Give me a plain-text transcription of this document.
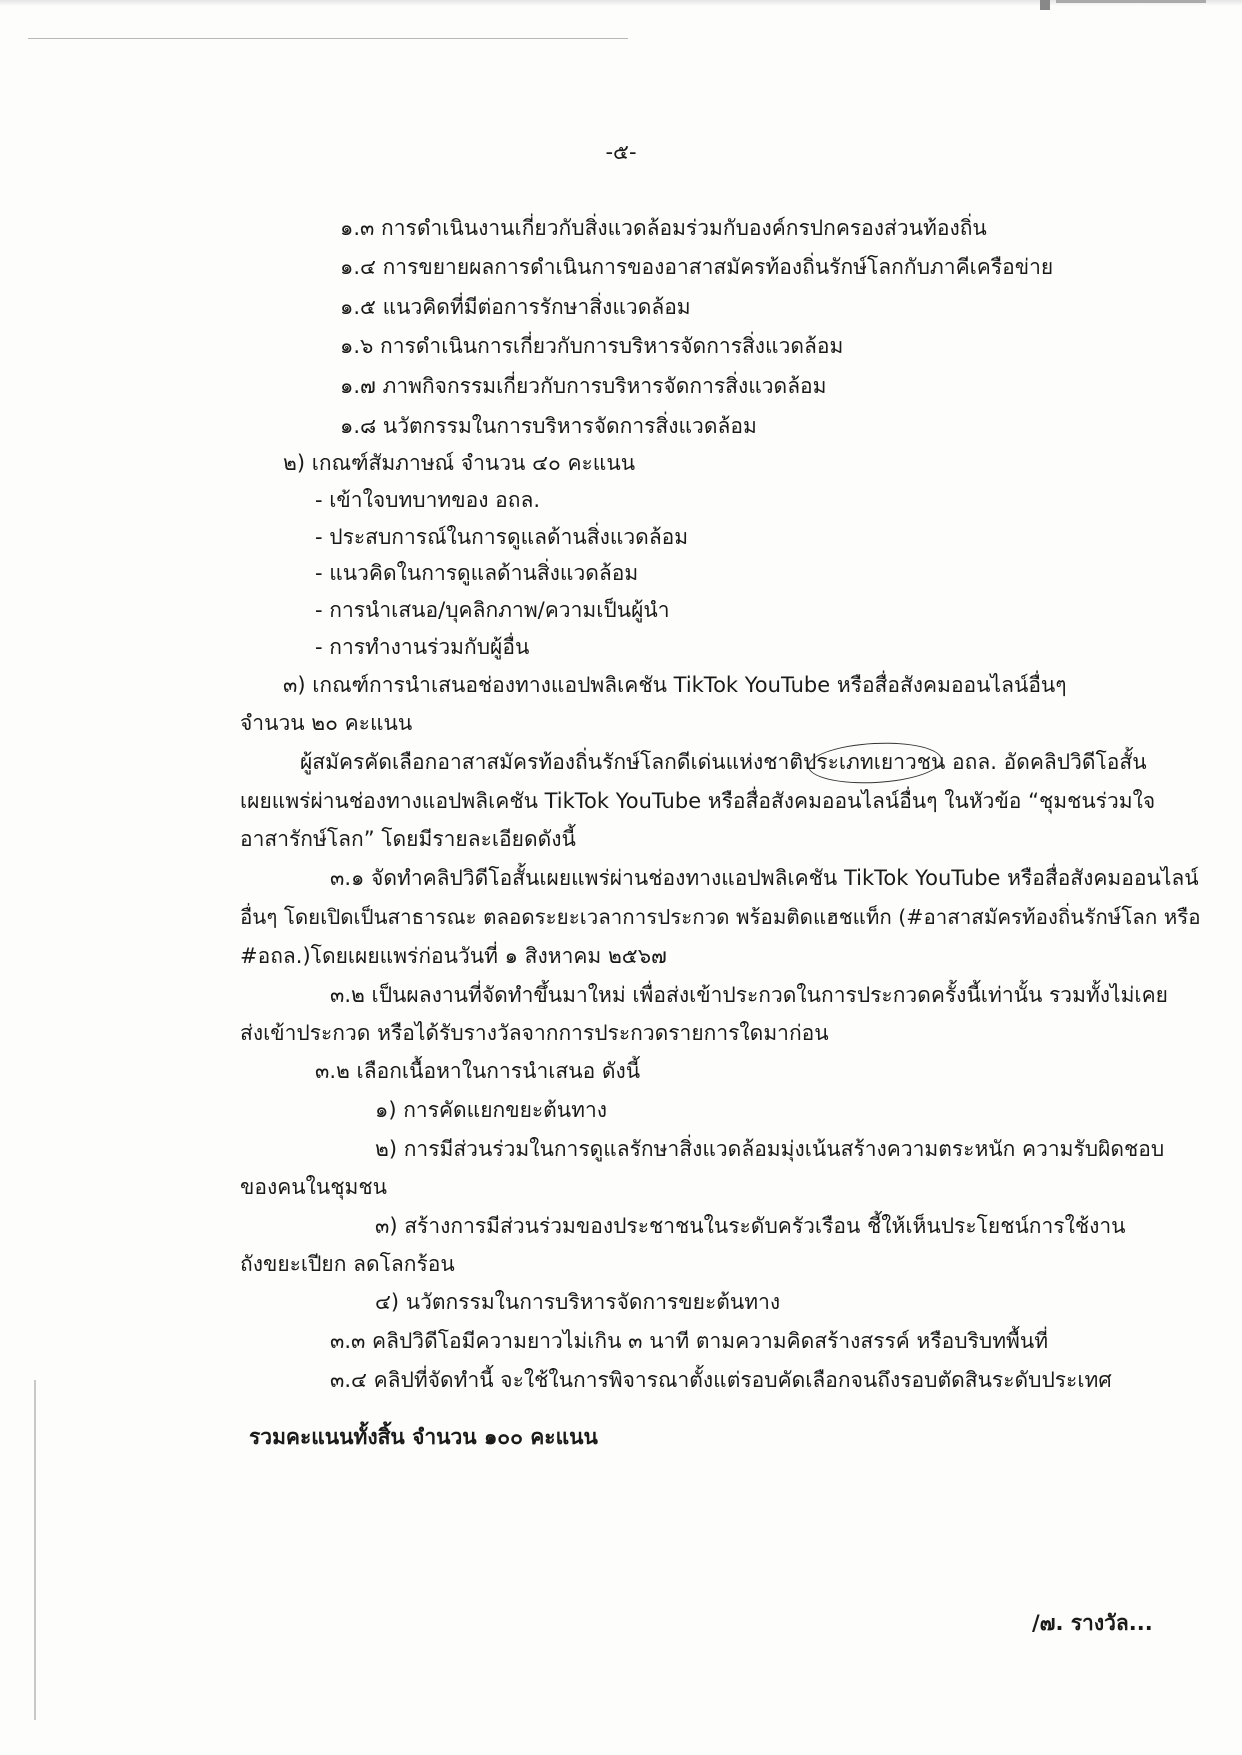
-๕-
๑.๓ การดำเนินงานเกี่ยวกับสิ่งแวดล้อมร่วมกับองค์กรปกครองส่วนท้องถิ่น
๑.๔ การขยายผลการดำเนินการของอาสาสมัครท้องถิ่นรักษ์โลกกับภาคีเครือข่าย
๑.๕ แนวคิดที่มีต่อการรักษาสิ่งแวดล้อม
๑.๖ การดำเนินการเกี่ยวกับการบริหารจัดการสิ่งแวดล้อม
๑.๗ ภาพกิจกรรมเกี่ยวกับการบริหารจัดการสิ่งแวดล้อม
๑.๘ นวัตกรรมในการบริหารจัดการสิ่งแวดล้อม
๒) เกณฑ์สัมภาษณ์ จำนวน ๔๐ คะแนน
- เข้าใจบทบาทของ อถล.
- ประสบการณ์ในการดูแลด้านสิ่งแวดล้อม
- แนวคิดในการดูแลด้านสิ่งแวดล้อม
- การนำเสนอ/บุคลิกภาพ/ความเป็นผู้นำ
- การทำงานร่วมกับผู้อื่น
๓) เกณฑ์การนำเสนอช่องทางแอปพลิเคชัน TikTok YouTube หรือสื่อสังคมออนไลน์อื่นๆ
จำนวน ๒๐ คะแนน
ผู้สมัครคัดเลือกอาสาสมัครท้องถิ่นรักษ์โลกดีเด่นแห่งชาติประเภทเยาวชน อถล. อัดคลิปวิดีโอสั้น
เผยแพร่ผ่านช่องทางแอปพลิเคชัน TikTok YouTube หรือสื่อสังคมออนไลน์อื่นๆ ในหัวข้อ “ชุมชนร่วมใจ
อาสารักษ์โลก” โดยมีรายละเอียดดังนี้
๓.๑ จัดทำคลิปวิดีโอสั้นเผยแพร่ผ่านช่องทางแอปพลิเคชัน TikTok YouTube หรือสื่อสังคมออนไลน์
อื่นๆ โดยเปิดเป็นสาธารณะ ตลอดระยะเวลาการประกวด พร้อมติดแฮชแท็ก (#อาสาสมัครท้องถิ่นรักษ์โลก หรือ
#อถล.)โดยเผยแพร่ก่อนวันที่ ๑ สิงหาคม ๒๕๖๗
๓.๒ เป็นผลงานที่จัดทำขึ้นมาใหม่ เพื่อส่งเข้าประกวดในการประกวดครั้งนี้เท่านั้น รวมทั้งไม่เคย
ส่งเข้าประกวด หรือได้รับรางวัลจากการประกวดรายการใดมาก่อน
๓.๒ เลือกเนื้อหาในการนำเสนอ ดังนี้
๑) การคัดแยกขยะต้นทาง
๒) การมีส่วนร่วมในการดูแลรักษาสิ่งแวดล้อมมุ่งเน้นสร้างความตระหนัก ความรับผิดชอบ
ของคนในชุมชน
๓) สร้างการมีส่วนร่วมของประชาชนในระดับครัวเรือน ชี้ให้เห็นประโยชน์การใช้งาน
ถังขยะเปียก ลดโลกร้อน
๔) นวัตกรรมในการบริหารจัดการขยะต้นทาง
๓.๓ คลิปวิดีโอมีความยาวไม่เกิน ๓ นาที ตามความคิดสร้างสรรค์ หรือบริบทพื้นที่
๓.๔ คลิปที่จัดทำนี้ จะใช้ในการพิจารณาตั้งแต่รอบคัดเลือกจนถึงรอบตัดสินระดับประเทศ
รวมคะแนนทั้งสิ้น จำนวน ๑๐๐ คะแนน
/๗. รางวัล...
